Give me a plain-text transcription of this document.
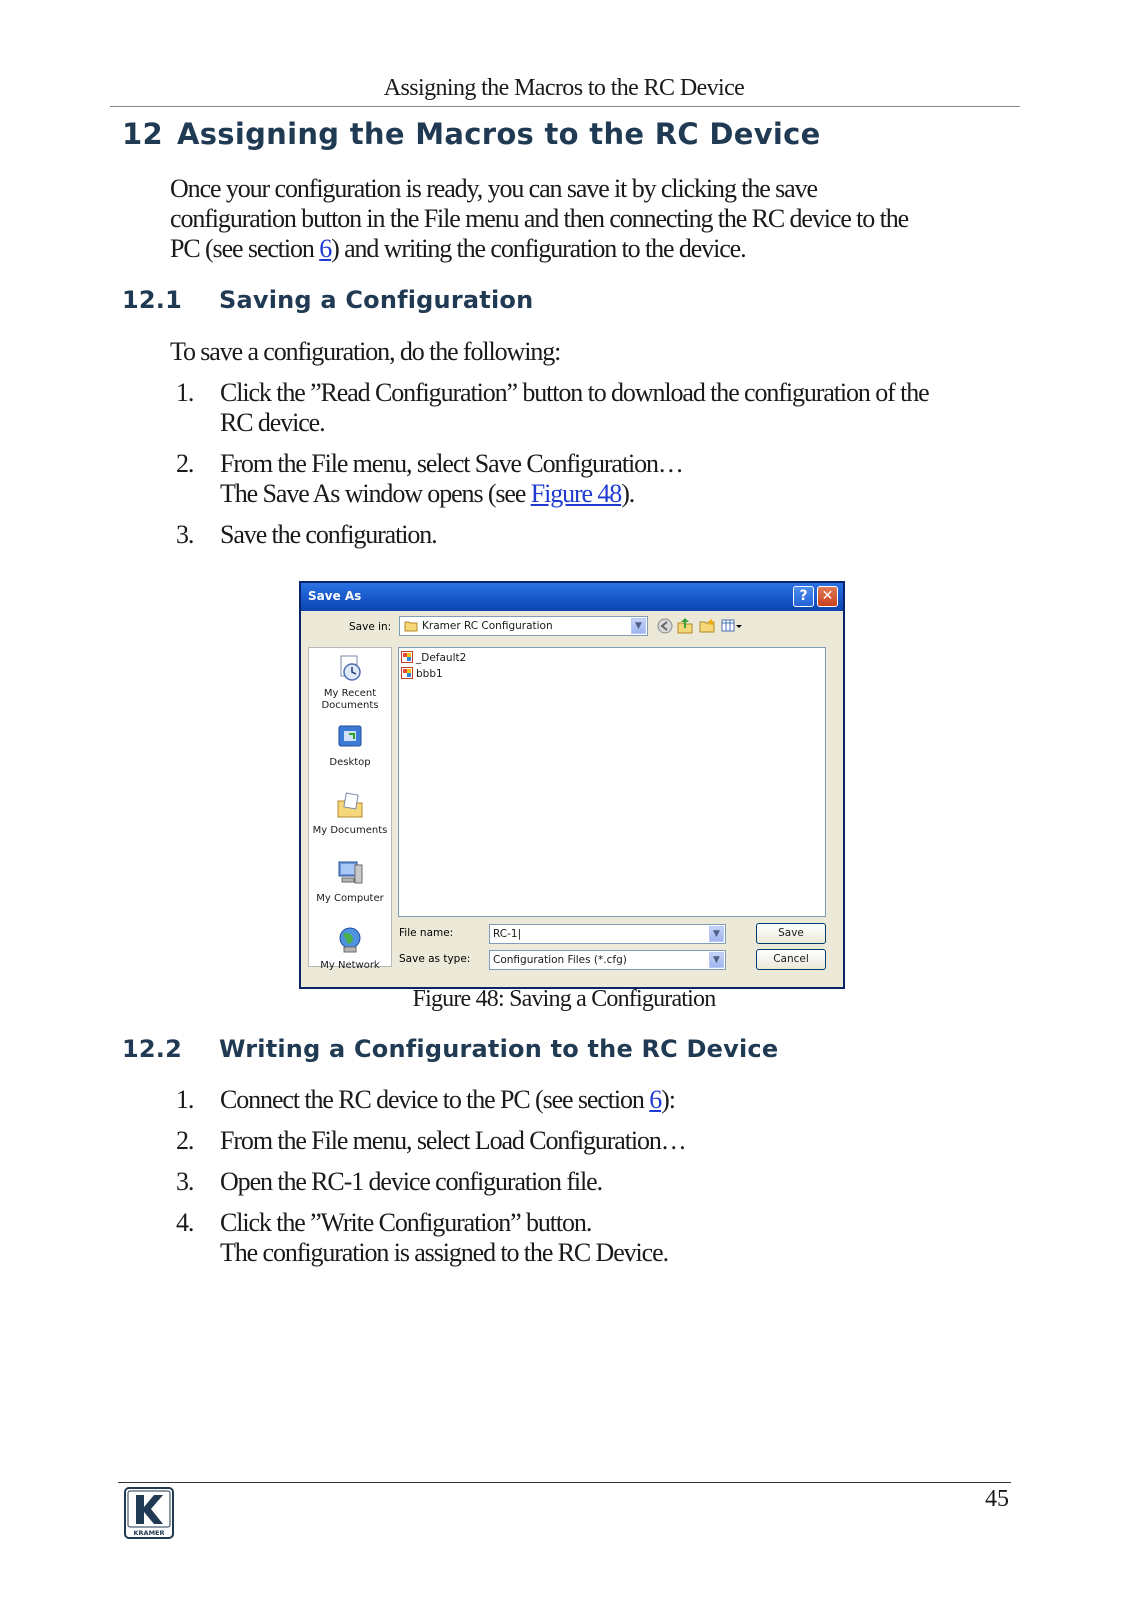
Assigning the Macros to the RC Device
12 Assigning the Macros to the RC Device
Once your configuration is ready, you can save it by clicking the save
configuration button in the File menu and then connecting the RC device to the
PC (see section 6) and writing the configuration to the device.
12.1 Saving a Configuration
To save a configuration, do the following:
1. Click the ”Read Configuration” button to download the configuration of the
RC device.
2. From the File menu, select Save Configuration…
The Save As window opens (see Figure 48).
3. Save the configuration.
Save As	?	✕
Save in:	Kramer RC Configuration	▼
My Recent Documents
Desktop
My Documents
My Computer
My Network
_Default2
bbb1
File name:	RC-1|	▼
Save as type: Configuration Files (*.cfg)	▼
Save
Cancel
Figure 48: Saving a Configuration
12.2 Writing a Configuration to the RC Device
1. Connect the RC device to the PC (see section 6):
2. From the File menu, select Load Configuration…
3. Open the RC-1 device configuration file.
4. Click the ”Write Configuration” button.
The configuration is assigned to the RC Device.
KRAMER
45
